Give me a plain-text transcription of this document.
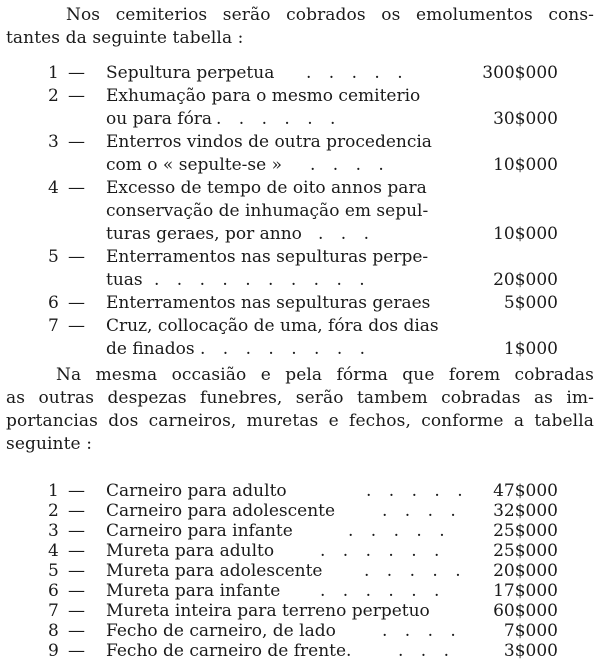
Nos cemiterios serão cobrados os emolumentos cons-
tantes da seguinte tabella :
1 —	Sepultura perpetua . . . . .	300$000
2 —	Exhumação para o mesmo cemiterio
ou para fóra . . . . . .	30$000
3 —	Enterros vindos de outra procedencia
com o « sepulte-se » . . . .	10$000
4 —	Excesso de tempo de oito annos para
conservação de inhumação em sepul-
turas geraes, por anno . . .	10$000
5 —	Enterramentos nas sepulturas perpe-
tuas . . . . . . . . . .	20$000
6 —	Enterramentos nas sepulturas geraes	5$000
7 —	Cruz, collocação de uma, fóra dos dias
de finados . . . . . . . .	1$000
Na mesma occasião e pela fórma que forem cobradas
as outras despezas funebres, serão tambem cobradas as im-
portancias dos carneiros, muretas e fechos, conforme a tabella
seguinte :
1 —	Carneiro para adulto	. . . . . 47$000
2 —	Carneiro para adolescente	. . . . 32$000
3 —	Carneiro para infante	. . . . . 25$000
4 —	Mureta para adulto	. . . . . .	25$000
5 —	Mureta para adolescente . . . . . 20$000
6 —	Mureta para infante . . . . . .	17$000
7 —	Mureta inteira para terreno perpetuo	60$000
8 —	Fecho de carneiro, de lado	. . . . 7$000
9 —	Fecho de carneiro de frente.	. . .	3$000
